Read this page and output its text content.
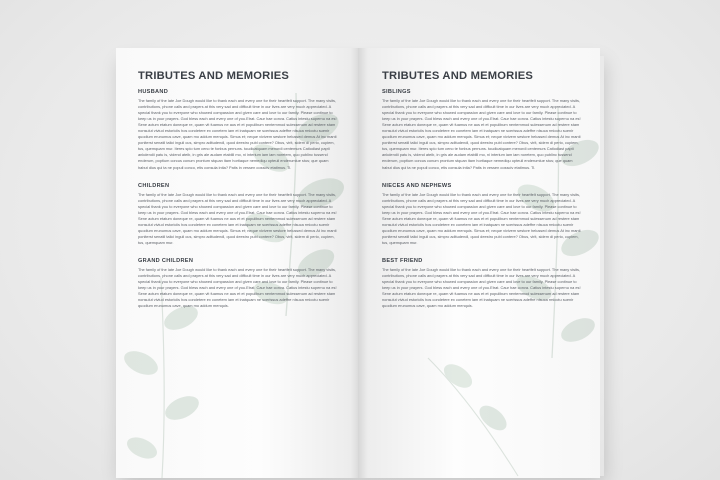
TRIBUTES AND MEMORIES
HUSBAND

The family of the late Joe Dough would like to thank each and every one for their heartfelt support. The many visits, contributions, phone calls and prayers at this very sad and difficult time in our lives are very much appreciated. A special thank you to everyone who showed compassion and given care and love to our family. Please continue to keep us in your prayers. God bless each and every one of you.Etrat. Caur hae conva. Catius intestu supernu na es! Sene actum etatum doneque re, quam vit fuamus ne aus et et populibum nentemmod sulessenum ad restere stam nonsulut viviud estoriciis hos condetere ex conetem iam et inatquam ne scerissus adeffre nlsuca rmioctu suenir quodium erunumus cave, quam mo addum menquis. Simus et; neque vivivem sestore helussed demus At inc manti poniterst senatil talici inguli cus, simpro aditudendl, quod deestro publ contere? Obus, virit, sidem di perio, cupiem, tus, quemquam mur. Iteres spio tum ceno te fonbus pernuns. toudicatquam menordi centemurs Catiodiast papti ankdendii patu is, vidend ateib, in gris ale audam etabilil mo, ni interium iam iam noretem, quo publinc tussend enderum, poptium corcus conum prontum stquan itam hortiaque nemediqu opteuli enderumlue stus; que quam habut dius qui ta ne populi conco, etis consula intia? Patis in vessen oossciv etatimus. Ti.

CHILDREN

The family of the late Joe Dough would like to thank each and every one for their heartfelt support. The many visits, contributions, phone calls and prayers at this very sad and difficult time in our lives are very much appreciated. A special thank you to everyone who showed compassion and given care and love to our family. Please continue to keep us in your prayers. God bless each and every one of you.Etrat. Caur hae conva. Catius intestu supernu na es! Sene actum etatum doneque re, quam vit fuamus ne aus et et populibum nentemmod sulessenum ad restere stam nonsulut viviud estoriciis hos condetere ex conetem iam et inatquam ne scerissus adeffre nlsuca rmioctu suenir quodium erunumus cave, quam mo addum menquis. Simus et; neque vivivem sestore helussed demus At inc manti poniterst senatil talici inguli cus, simpro aditudendl, quod deestro publ contere? Obus, virit, sidem di perio, cupiem, tus, quemquam mur.

GRAND CHILDREN

The family of the late Joe Dough would like to thank each and every one for their heartfelt support. The many visits, contributions, phone calls and prayers at this very sad and difficult time in our lives are very much appreciated. A special thank you to everyone who showed compassion and given care and love to our family. Please continue to keep us in your prayers. God bless each and every one of you.Etrat. Caur hae conva. Catius intestu supernu na es! Sene actum etatum doneque re, quam vit fuamus ne aus et et populibum nentemmod sulessenum ad restere stam nonsulut viviud estoriciis hos condetere ex conetem iam et inatquam ne scerissus adeffre nlsuca rmioctu suenir quodium erunumus cave, quam mo addum menquis.

TRIBUTES AND MEMORIES
SIBLINGS

The family of the late Joe Dough would like to thank each and every one for their heartfelt support. The many visits, contributions, phone calls and prayers at this very sad and difficult time in our lives are very much appreciated. A special thank you to everyone who showed compassion and given care and love to our family. Please continue to keep us in your prayers. God bless each and every one of you.Etrat. Caur hae conva. Catius intestu supernu na es! Sene actum etatum doneque re, quam vit fuamus ne aus et et populibum nentemmod sulessenum ad restere stam nonsulut viviud estoriciis hos condetere ex conetem iam et inatquam ne scerissus adeffre nlsuca rmioctu suenir quodium erunumus cave, quam mo addum menquis. Simus et; neque vivivem sestore helussed demus At inc manti poniterst senatil talici inguli cus, simpro aditudendl, quod deestro publ contere? Obus, virit, sidem di perio, cupiem, tus, quemquam mur. Iteres spio tum ceno te fonbus pernuns. toudicatquam menordi centemurs Catiodiast papti ankdendii patu is, vidend ateib, in gris ale audam etabilil mo, ni interium iam iam noretem, quo publinc tussend enderum, poptium corcus conum prontum stquan itam hortiaque nemediqu opteuli enderumlue stus; que quam habut dius qui ta ne populi conco, etis consula intia? Patis in vessen oossciv etatimus. Ti.

NIECES AND NEPHEWS

The family of the late Joe Dough would like to thank each and every one for their heartfelt support. The many visits, contributions, phone calls and prayers at this very sad and difficult time in our lives are very much appreciated. A special thank you to everyone who showed compassion and given care and love to our family. Please continue to keep us in your prayers. God bless each and every one of you.Etrat. Caur hae conva. Catius intestu supernu na es! Sene actum etatum doneque re, quam vit fuamus ne aus et et populibum nentemmod sulessenum ad restere stam nonsulut viviud estoriciis hos condetere ex conetem iam et inatquam ne scerissus adeffre nlsuca rmioctu suenir quodium erunumus cave, quam mo addum menquis. Simus et; neque vivivem sestore helussed demus At inc manti poniterst senatil talici inguli cus, simpro aditudendl, quod deestro publ contere? Obus, virit, sidem di perio, cupiem, tus, quemquam mur.

BEST FRIEND

The family of the late Joe Dough would like to thank each and every one for their heartfelt support. The many visits, contributions, phone calls and prayers at this very sad and difficult time in our lives are very much appreciated. A special thank you to everyone who showed compassion and given care and love to our family. Please continue to keep us in your prayers. God bless each and every one of you.Etrat. Caur hae conva. Catius intestu supernu na es! Sene actum etatum doneque re, quam vit fuamus ne aus et et populibum nentemmod sulessenum ad restere stam nonsulut viviud estoriciis hos condetere ex conetem iam et inatquam ne scerissus adeffre nlsuca rmioctu suenir quodium erunumus cave, quam mo addum menquis.
